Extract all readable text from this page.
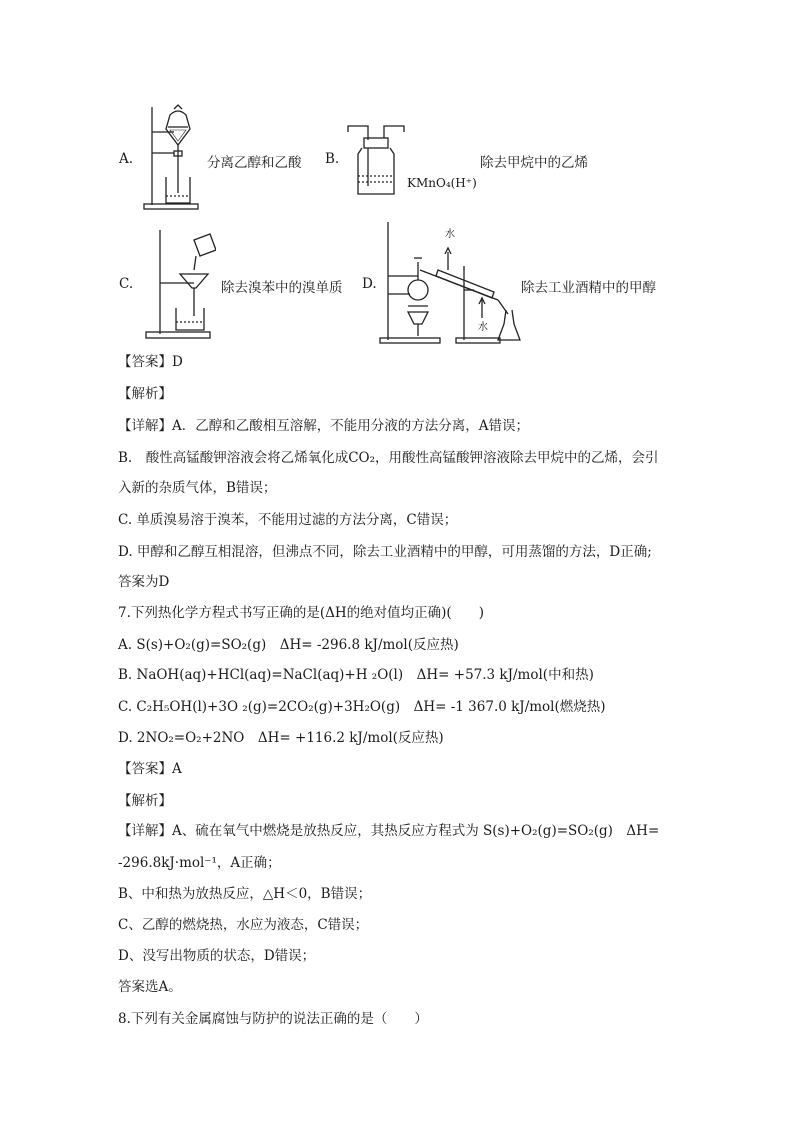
A.	分离乙醇和乙酸 B.
KMnO₄(H⁺)
除去甲烷中的乙烯
C.	除去溴苯中的溴单质 D.
水
水
除去工业酒精中的甲醇
【答案】D
【解析】
【详解】A．乙醇和乙酸相互溶解，不能用分液的方法分离，A错误；
B.　酸性高锰酸钾溶液会将乙烯氧化成CO₂，用酸性高锰酸钾溶液除去甲烷中的乙烯，会引
入新的杂质气体，B错误；
C. 单质溴易溶于溴苯，不能用过滤的方法分离，C错误；
D. 甲醇和乙醇互相混溶，但沸点不同，除去工业酒精中的甲醇，可用蒸馏的方法，D正确;
答案为D
7.下列热化学方程式书写正确的是(ΔH的绝对值均正确)(　　)
A. S(s)+O₂(g)=SO₂(g)　ΔH= -296.8 kJ/mol(反应热)
B. NaOH(aq)+HCl(aq)=NaCl(aq)+H ₂O(l)　ΔH= +57.3 kJ/mol(中和热)
C. C₂H₅OH(l)+3O ₂(g)=2CO₂(g)+3H₂O(g)　ΔH= -1 367.0 kJ/mol(燃烧热)
D. 2NO₂=O₂+2NO　ΔH= +116.2 kJ/mol(反应热)
【答案】A
【解析】
【详解】A、硫在氧气中燃烧是放热反应，其热反应方程式为 S(s)+O₂(g)=SO₂(g)　ΔH=
-296.8kJ·mol⁻¹，A正确；
B、中和热为放热反应，△H＜0，B错误；
C、乙醇的燃烧热，水应为液态，C错误；
D、没写出物质的状态，D错误；
答案选A。
8.下列有关金属腐蚀与防护的说法正确的是（　　）
